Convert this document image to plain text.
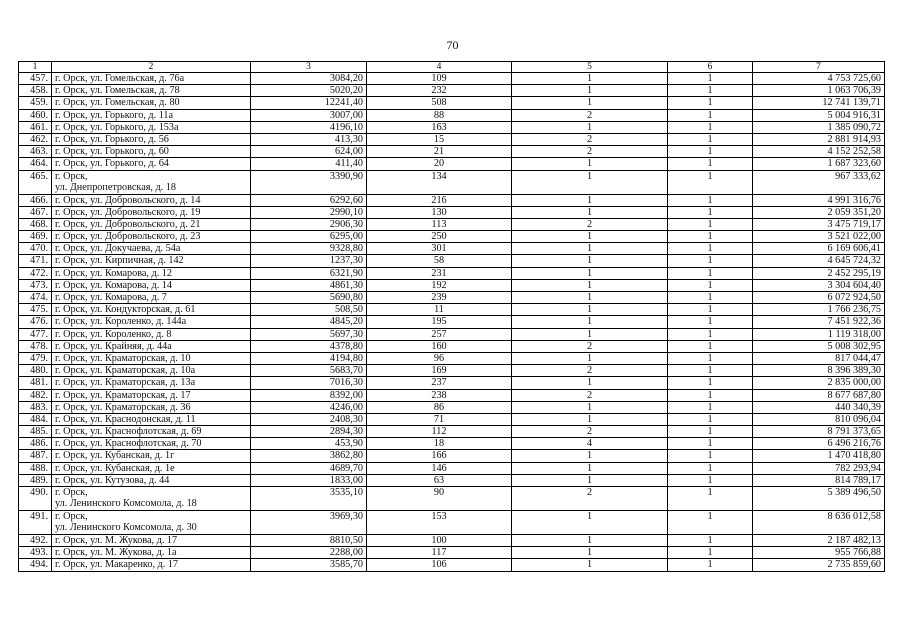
70
1	2	3	4	5	6	7
457.	г. Орск, ул. Гомельская, д. 76а	3084,20	109	1	1	4 753 725,60
458.	г. Орск, ул. Гомельская, д. 78	5020,20	232	1	1	1 063 706,39
459.	г. Орск, ул. Гомельская, д. 80	12241,40	508	1	1	12 741 139,71
460.	г. Орск, ул. Горького, д. 11а	3007,00	88	2	1	5 004 916,31
461.	г. Орск, ул. Горького, д. 153а	4196,10	163	1	1	1 385 090,72
462.	г. Орск, ул. Горького, д. 56	413,30	15	2	1	2 881 914,93
463.	г. Орск, ул. Горького, д. 60	624,00	21	2	1	4 152 252,58
464.	г. Орск, ул. Горького, д. 64	411,40	20	1	1	1 687 323,60
465.	г. Орск,
ул. Днепропетровская, д. 18	3390,90	134	1	1	967 333,62
466.	г. Орск, ул. Добровольского, д. 14	6292,60	216	1	1	4 991 316,76
467.	г. Орск, ул. Добровольского, д. 19	2990,10	130	1	1	2 059 351,20
468.	г. Орск, ул. Добровольского, д. 21	2906,30	113	2	1	3 475 719,17
469.	г. Орск, ул. Добровольского, д. 23	6295,00	250	1	1	3 521 022,00
470.	г. Орск, ул. Докучаева, д. 54а	9328,80	301	1	1	6 169 606,41
471.	г. Орск, ул. Кирпичная, д. 142	1237,30	58	1	1	4 645 724,32
472.	г. Орск, ул. Комарова, д. 12	6321,90	231	1	1	2 452 295,19
473.	г. Орск, ул. Комарова, д. 14	4861,30	192	1	1	3 304 604,40
474.	г. Орск, ул. Комарова, д. 7	5690,80	239	1	1	6 072 924,50
475.	г. Орск, ул. Кондукторская, д. 61	508,50	11	1	1	1 766 236,75
476.	г. Орск, ул. Короленко, д. 144а	4845,20	195	1	1	7 451 922,36
477.	г. Орск, ул. Короленко, д. 8	5697,30	257	1	1	1 119 318,00
478.	г. Орск, ул. Крайняя, д. 44а	4378,80	160	2	1	5 008 302,95
479.	г. Орск, ул. Краматорская, д. 10	4194,80	96	1	1	817 044,47
480.	г. Орск, ул. Краматорская, д. 10а	5683,70	169	2	1	8 396 389,30
481.	г. Орск, ул. Краматорская, д. 13а	7016,30	237	1	1	2 835 000,00
482.	г. Орск, ул. Краматорская, д. 17	8392,00	238	2	1	8 677 687,80
483.	г. Орск, ул. Краматорская, д. 36	4246,00	86	1	1	440 340,39
484.	г. Орск, ул. Краснодонская, д. 11	2408,30	71	1	1	810 096,04
485.	г. Орск, ул. Краснофлотская, д. 69	2894,30	112	2	1	8 791 373,65
486.	г. Орск, ул. Краснофлотская, д. 70	453,90	18	4	1	6 496 216,76
487.	г. Орск, ул. Кубанская, д. 1г	3862,80	166	1	1	1 470 418,80
488.	г. Орск, ул. Кубанская, д. 1е	4689,70	146	1	1	782 293,94
489.	г. Орск, ул. Кутузова, д. 44	1833,00	63	1	1	814 789,17
490.	г. Орск,
ул. Ленинского Комсомола, д. 18	3535,10	90	2	1	5 389 496,50
491.	г. Орск,
ул. Ленинского Комсомола, д. 30	3969,30	153	1	1	8 636 012,58
492.	г. Орск, ул. М. Жукова, д. 17	8810,50	100	1	1	2 187 482,13
493.	г. Орск, ул. М. Жукова, д. 1а	2288,00	117	1	1	955 766,88
494.	г. Орск, ул. Макаренко, д. 17	3585,70	106	1	1	2 735 859,60
